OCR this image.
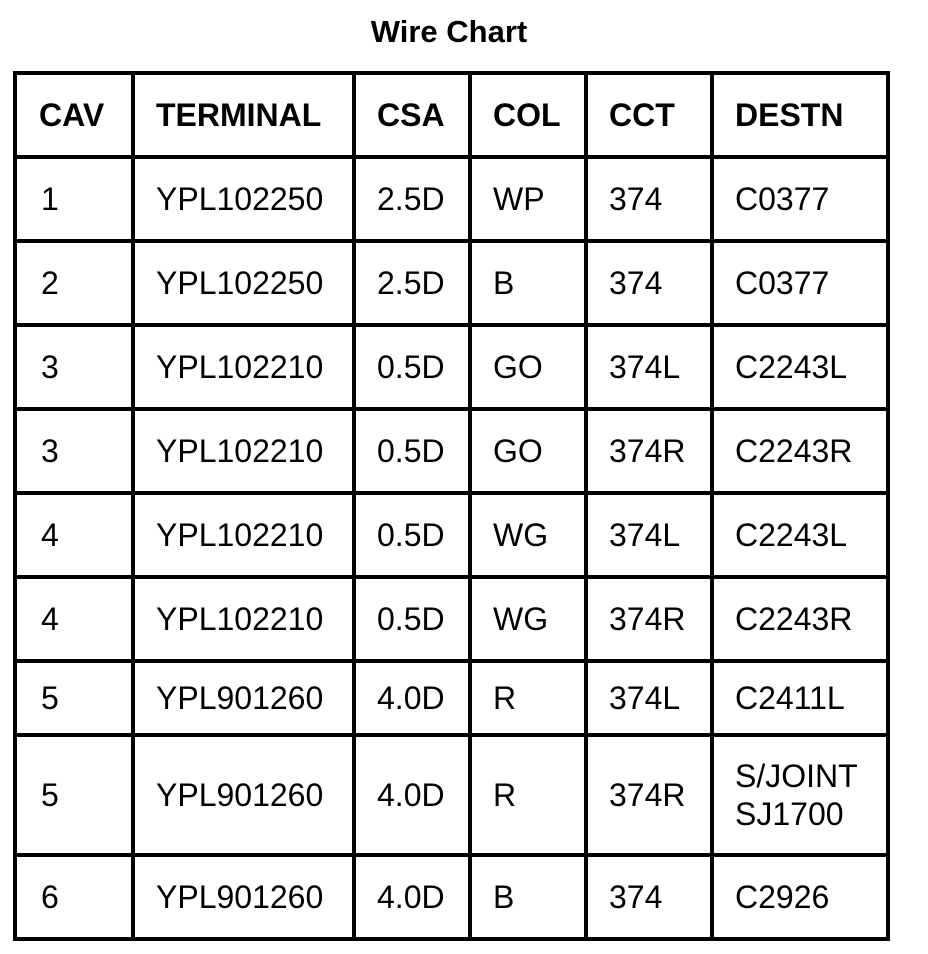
Wire Chart
CAV	TERMINAL	CSA	COL	CCT	DESTN
1	YPL102250	2.5D	WP	374	C0377

2	YPL102250	2.5D	B	374	C0377

3	YPL102210	0.5D	GO	374L	C2243L

3	YPL102210	0.5D	GO	374R	C2243R

4	YPL102210	0.5D	WG	374L	C2243L

4	YPL102210	0.5D	WG	374R	C2243R

5	YPL901260	4.0D	R	374L	C2411L

5	YPL901260	4.0D	R	374R	S/JOINT
SJ1700

6	YPL901260	4.0D	B	374	C2926
